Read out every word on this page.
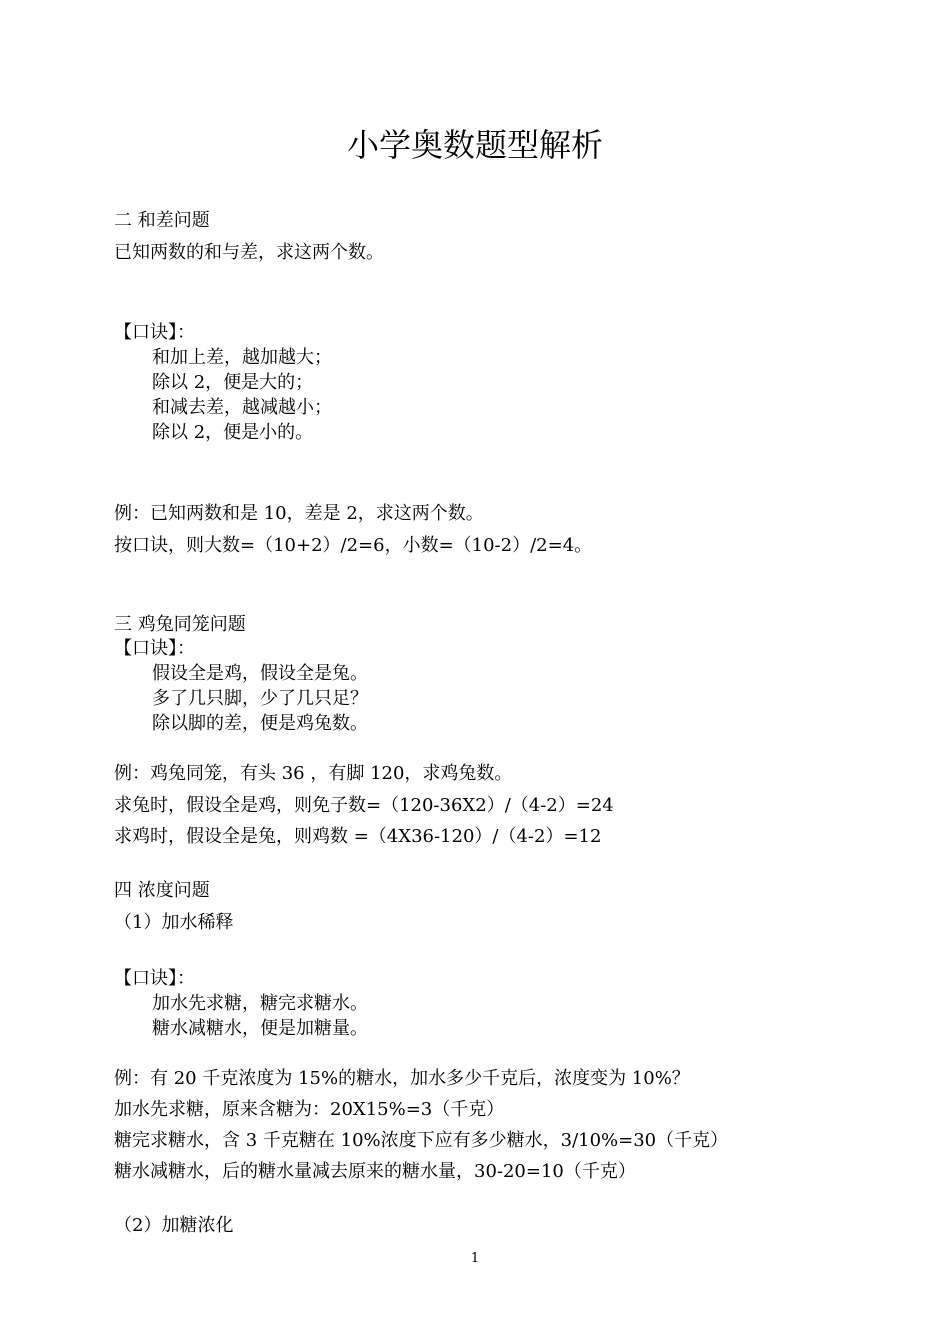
小学奥数题型解析
二 和差问题
已知两数的和与差，求这两个数。
【口诀】：
和加上差，越加越大；
除以 2，便是大的；
和减去差，越减越小；
除以 2，便是小的。
例：已知两数和是 10，差是 2，求这两个数。
按口诀，则大数=（10+2）/2=6，小数=（10-2）/2=4。
三 鸡兔同笼问题
【口诀】：
假设全是鸡，假设全是兔。
多了几只脚，少了几只足？
除以脚的差，便是鸡兔数。
例：鸡兔同笼，有头 36 ，有脚 120，求鸡兔数。
求兔时，假设全是鸡，则免子数=（120-36X2）/（4-2）=24
求鸡时，假设全是兔，则鸡数 =（4X36-120）/（4-2）=12
四 浓度问题
（1）加水稀释
【口诀】：
加水先求糖，糖完求糖水。
糖水减糖水，便是加糖量。
例：有 20 千克浓度为 15%的糖水，加水多少千克后，浓度变为 10%？
加水先求糖，原来含糖为：20X15%=3（千克）
糖完求糖水，含 3 千克糖在 10%浓度下应有多少糖水，3/10%=30（千克）
糖水减糖水，后的糖水量减去原来的糖水量，30-20=10（千克）
（2）加糖浓化
1
